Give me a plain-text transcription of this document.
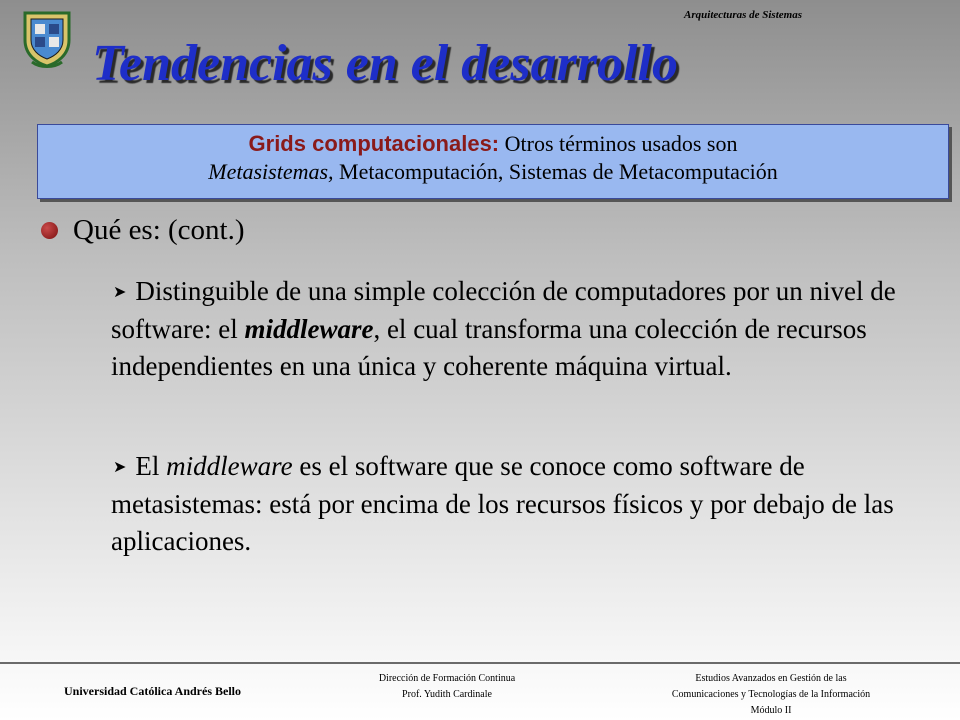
Arquitecturas de Sistemas
Tendencias en el desarrollo
Grids computacionales: Otros términos usados son
Metasistemas, Metacomputación, Sistemas de Metacomputación
Qué es: (cont.)
➤ Distinguible de una simple colección de computadores por un nivel de software: el middleware, el cual transforma una colección de recursos independientes en una única y coherente máquina virtual.
➤ El middleware es el software que se conoce como software de metasistemas: está por encima de los recursos físicos y por debajo de las aplicaciones.
Universidad Católica Andrés Bello
Dirección de Formación Continua
Prof. Yudith Cardinale
Estudios Avanzados en Gestión de las
Comunicaciones y Tecnologías de la Información
Módulo II
